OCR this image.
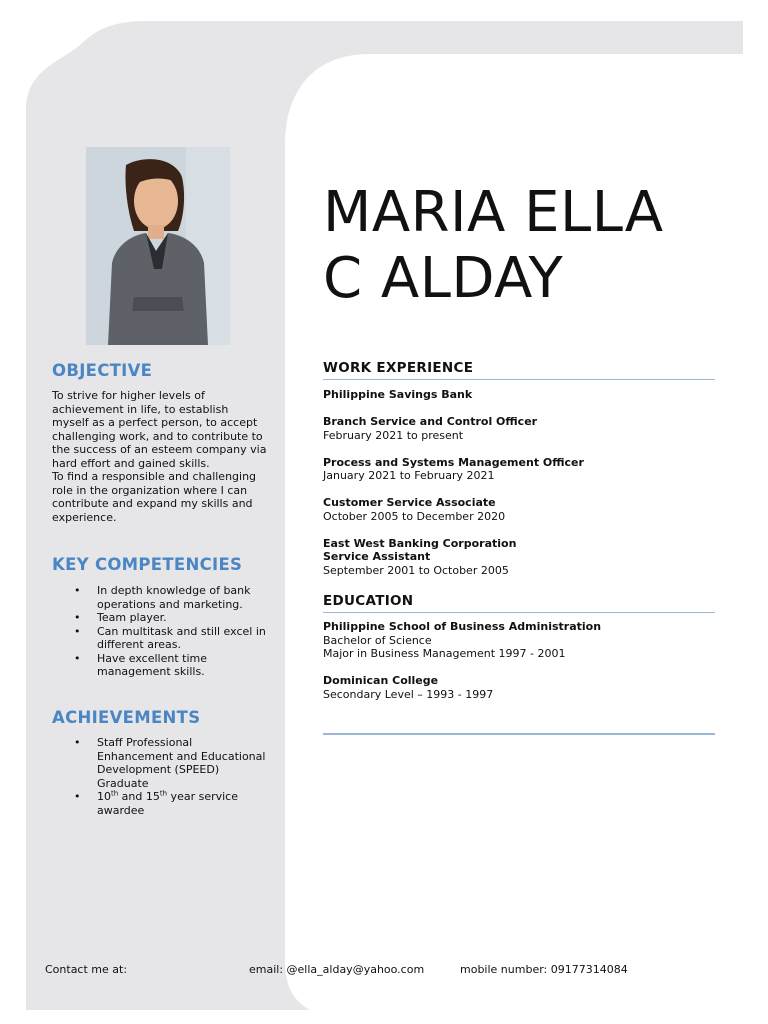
OBJECTIVE

To strive for higher levels of achievement in life, to establish myself as a perfect person, to accept challenging work, and to contribute to the success of an esteem company via hard effort and gained skills.

To find a responsible and challenging role in the organization where I can contribute and expand my skills and experience.

KEY COMPETENCIES
• In depth knowledge of bank operations and marketing.
• Team player.
• Can multitask and still excel in different areas.
• Have excellent time management skills.
ACHIEVEMENTS
• Staff Professional Enhancement and Educational Development (SPEED) Graduate
• 10th and 15th year service awardee
MARIA ELLA
C ALDAY
WORK EXPERIENCE
Philippine Savings Bank
Branch Service and Control Officer
February 2021 to present
Process and Systems Management Officer
January 2021 to February 2021
Customer Service Associate
October 2005 to December 2020
East West Banking Corporation
Service Assistant
September 2001 to October 2005
EDUCATION
Philippine School of Business Administration
Bachelor of Science
Major in Business Management 1997 - 2001
Dominican College
Secondary Level – 1993 - 1997
Contact me at:	email: @ella_alday@yahoo.com	mobile number: 09177314084
